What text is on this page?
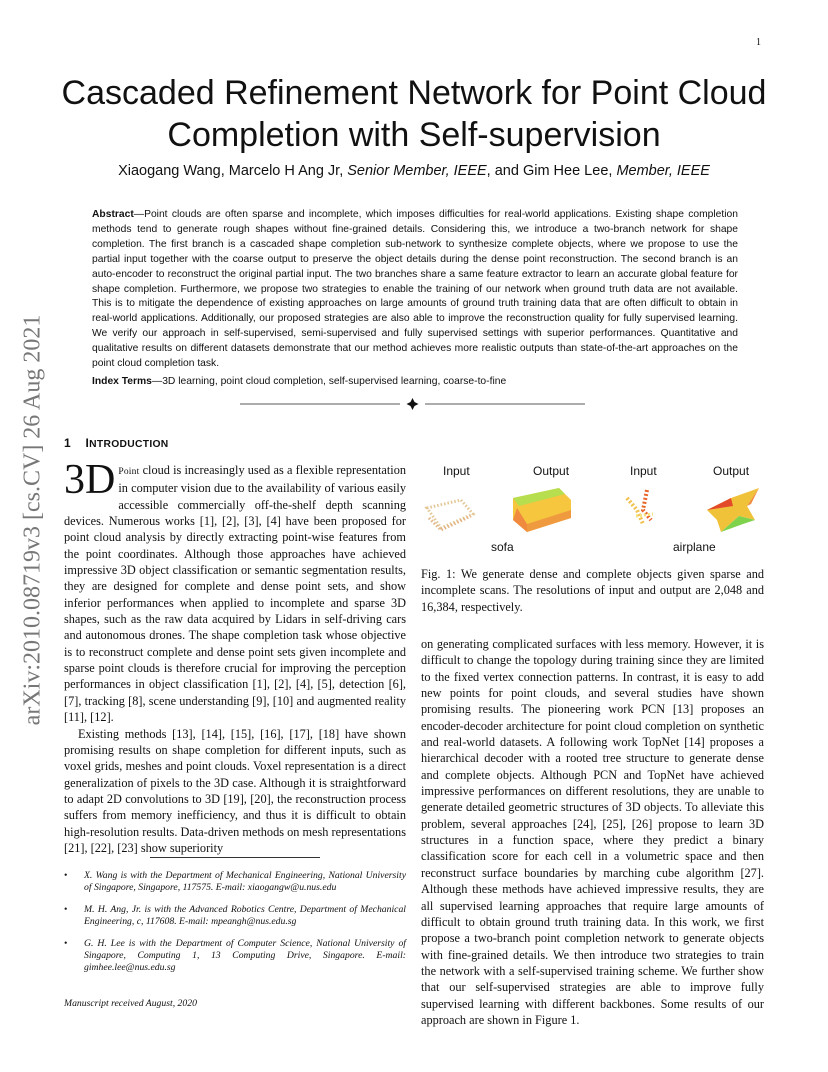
1
Cascaded Refinement Network for Point Cloud Completion with Self-supervision
Xiaogang Wang, Marcelo H Ang Jr, Senior Member, IEEE, and Gim Hee Lee, Member, IEEE
Abstract—Point clouds are often sparse and incomplete, which imposes difficulties for real-world applications. Existing shape completion methods tend to generate rough shapes without fine-grained details. Considering this, we introduce a two-branch network for shape completion. The first branch is a cascaded shape completion sub-network to synthesize complete objects, where we propose to use the partial input together with the coarse output to preserve the object details during the dense point reconstruction. The second branch is an auto-encoder to reconstruct the original partial input. The two branches share a same feature extractor to learn an accurate global feature for shape completion. Furthermore, we propose two strategies to enable the training of our network when ground truth data are not available. This is to mitigate the dependence of existing approaches on large amounts of ground truth training data that are often difficult to obtain in real-world applications. Additionally, our proposed strategies are also able to improve the reconstruction quality for fully supervised learning. We verify our approach in self-supervised, semi-supervised and fully supervised settings with superior performances. Quantitative and qualitative results on different datasets demonstrate that our method achieves more realistic outputs than state-of-the-art approaches on the point cloud completion task.
Index Terms—3D learning, point cloud completion, self-supervised learning, coarse-to-fine
arXiv:2010.08719v3 [cs.CV] 26 Aug 2021 1 INTRODUCTION

3D Point cloud is increasingly used as a flexible representation in computer vision due to the availability of various easily accessible commercially off-the-shelf depth scanning devices. Numerous works [1], [2], [3], [4] have been proposed for point cloud analysis by directly extracting point-wise features from the point coordinates. Although those approaches have achieved impressive 3D object classification or semantic segmentation results, they are designed for complete and dense point sets, and show inferior performances when applied to incomplete and sparse 3D shapes, such as the raw data acquired by Lidars in self-driving cars and autonomous drones. The shape completion task whose objective is to reconstruct complete and dense point sets given incomplete and sparse point clouds is therefore crucial for improving the perception performances in object classification [1], [2], [4], [5], detection [6], [7], tracking [8], scene understanding [9], [10] and augmented reality [11], [12].

Existing methods [13], [14], [15], [16], [17], [18] have shown promising results on shape completion for different inputs, such as voxel grids, meshes and point clouds. Voxel representation is a direct generalization of pixels to the 3D case. Although it is straightforward to adapt 2D convolutions to 3D [19], [20], the reconstruction process suffers from memory inefficiency, and thus it is difficult to obtain high-resolution results. Data-driven methods on mesh representations [21], [22], [23] show superiority

• X. Wang is with the Department of Mechanical Engineering, National University of Singapore, Singapore, 117575. E-mail: xiaogangw@u.nus.edu
• M. H. Ang, Jr. is with the Advanced Robotics Centre, Department of Mechanical Engineering, c, 117608. E-mail: mpeangh@nus.edu.sg
• G. H. Lee is with the Department of Computer Science, National University of Singapore, Computing 1, 13 Computing Drive, Singapore. E-mail: gimhee.lee@nus.edu.sg
Manuscript received August, 2020
Input	Output	Input	Output
sofa	airplane
Fig. 1: We generate dense and complete objects given sparse and incomplete scans. The resolutions of input and output are 2,048 and 16,384, respectively.

on generating complicated surfaces with less memory. However, it is difficult to change the topology during training since they are limited to the fixed vertex connection patterns. In contrast, it is easy to add new points for point clouds, and several studies have shown promising results. The pioneering work PCN [13] proposes an encoder-decoder architecture for point cloud completion on synthetic and real-world datasets. A following work TopNet [14] proposes a hierarchical decoder with a rooted tree structure to generate dense and complete objects. Although PCN and TopNet have achieved impressive performances on different resolutions, they are unable to generate detailed geometric structures of 3D objects. To alleviate this problem, several approaches [24], [25], [26] propose to learn 3D structures in a function space, where they predict a binary classification score for each cell in a volumetric space and then reconstruct surface boundaries by marching cube algorithm [27]. Although these methods have achieved impressive results, they are all supervised learning approaches that require large amounts of difficult to obtain ground truth training data. In this work, we first propose a two-branch point completion network to generate objects with fine-grained details. We then introduce two strategies to train the network with a self-supervised training scheme. We further show that our self-supervised strategies are able to improve fully supervised learning with different backbones. Some results of our approach are shown in Figure 1.
